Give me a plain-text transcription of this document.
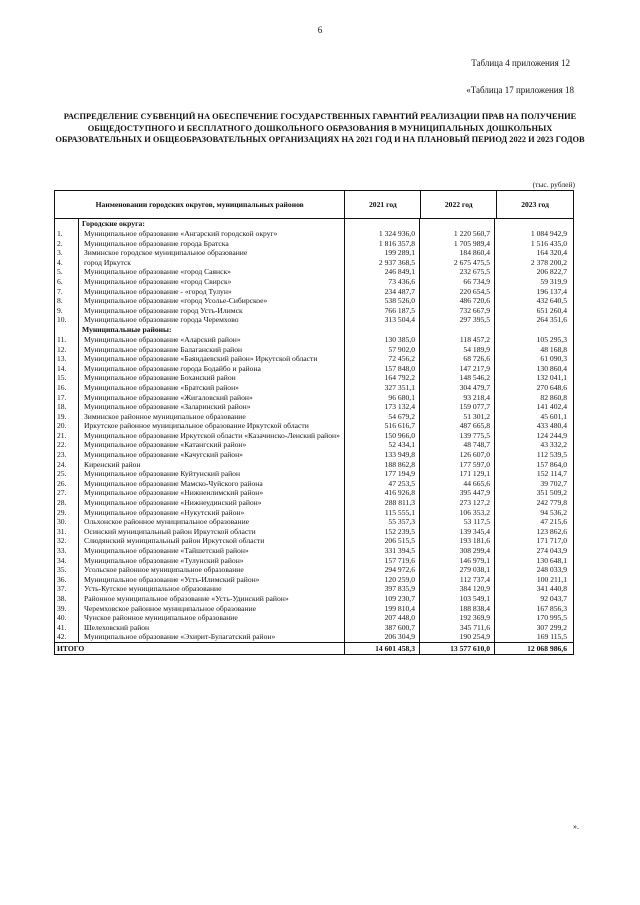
6
Таблица 4 приложения 12
«Таблица 17 приложения 18
РАСПРЕДЕЛЕНИЕ СУБВЕНЦИЙ НА ОБЕСПЕЧЕНИЕ ГОСУДАРСТВЕННЫХ ГАРАНТИЙ РЕАЛИЗАЦИИ ПРАВ НА ПОЛУЧЕНИЕ ОБЩЕДОСТУПНОГО И БЕСПЛАТНОГО ДОШКОЛЬНОГО ОБРАЗОВАНИЯ В МУНИЦИПАЛЬНЫХ ДОШКОЛЬНЫХ ОБРАЗОВАТЕЛЬНЫХ И ОБЩЕОБРАЗОВАТЕЛЬНЫХ ОРГАНИЗАЦИЯХ НА 2021 ГОД И НА ПЛАНОВЫЙ ПЕРИОД 2022 И 2023 ГОДОВ
(тыс. рублей)
Наименовании городских округов, муниципальных районов	2021 год	2022 год	2023 год
Городские округа:
1.	Муниципальное образование «Ангарский городской округ»	1 324 936,0	1 220 560,7	1 084 942,9
2.	Муниципальное образование города Братска	1 816 357,8	1 705 989,4	1 516 435,0
3.	Зиминское городское муниципальное образование	199 289,1	184 860,4	164 320,4
4.	город Иркутск	2 937 368,5	2 675 475,5	2 378 200,2
5.	Муниципальное образование «город Саянск»	246 849,1	232 675,5	206 822,7
6.	Муниципальное образование «город Свирск»	73 436,6	66 734,9	59 319,9
7.	Муниципальное образование - «город Тулун»	234 487,7	220 654,5	196 137,4
8.	Муниципальное образование «город Усолье-Сибирское»	538 526,0	486 720,6	432 640,5
9.	Муниципальное образование город Усть-Илимск	766 187,5	732 667,9	651 260,4
10.	Муниципальное образование города Черемхово	313 504,4	297 395,5	264 351,6
Муниципальные районы:
11.	Муниципальное образование «Аларский район»	130 385,0	118 457,2	105 295,3
12.	Муниципальное образование Балаганский район	57 902,0	54 189,9	48 168,8
13.	Муниципальное образование «Баяндаевский район» Иркутской области	72 456,2	68 726,6	61 090,3
14.	Муниципальное образование города Бодайбо и района	157 848,0	147 217,9	130 860,4
15.	Муниципальное образование Боханский район	164 792,2	148 546,2	132 041,1
16.	Муниципальное образование «Братский район»	327 351,1	304 479,7	270 648,6
17.	Муниципальное образование «Жигаловский район»	96 680,1	93 218,4	82 860,8
18.	Муниципальное образование «Заларинский район»	173 132,4	159 077,7	141 402,4
19.	Зиминское районное муниципальное образование	54 679,2	51 301,2	45 601,1
20.	Иркутское районное муниципальное образование Иркутской области	516 616,7	487 665,8	433 480,4
21.	Муниципальное образование Иркутской области «Казачинско-Ленский район»	150 966,0	139 775,5	124 244,9
22.	Муниципальное образование «Катангский район»	52 434,1	48 748,7	43 332,2
23.	Муниципальное образование «Качугский район»	133 949,8	126 607,0	112 539,5
24.	Киренский район	188 862,8	177 597,0	157 864,0
25.	Муниципальное образование Куйтунский район	177 194,9	171 129,1	152 114,7
26.	Муниципальное образование Мамско-Чуйского района	47 253,5	44 665,6	39 702,7
27.	Муниципальное образование «Нижнеилимский район»	416 926,8	395 447,9	351 509,2
28.	Муниципальное образование «Нижнеудинский район»	288 811,3	273 127,2	242 779,8
29.	Муниципальное образование «Нукутский район»	115 555,1	106 353,2	94 536,2
30.	Ольхонское районное муниципальное образование	55 357,3	53 117,5	47 215,6
31.	Осинский муниципальный район Иркутской области	152 239,5	139 345,4	123 862,6
32.	Слюдянский муниципальный район Иркутской области	206 515,5	193 181,6	171 717,0
33.	Муниципальное образование «Тайшетский район»	331 394,5	308 299,4	274 043,9
34.	Муниципальное образование «Тулунский район»	157 719,6	146 979,1	130 648,1
35.	Усольское районное муниципальное образование	294 972,6	279 038,1	248 033,9
36.	Муниципальное образование «Усть-Илимский район»	120 259,0	112 737,4	100 211,1
37.	Усть-Кутское муниципальное образование	397 835,9	384 120,9	341 440,8
38.	Районное муниципальное образование «Усть-Удинский район»	109 230,7	103 549,1	92 043,7
39.	Черемховское районное муниципальное образование	199 810,4	188 838,4	167 856,3
40.	Чунское районное муниципальное образование	207 448,0	192 369,9	170 995,5
41.	Шелеховский район	387 600,7	345 711,6	307 299,2
42.	Муниципальное образование «Эхирит-Булагатский район»	206 304,9	190 254,9	169 115,5
ИТОГО	14 601 458,3	13 577 610,0	12 068 986,6
».
